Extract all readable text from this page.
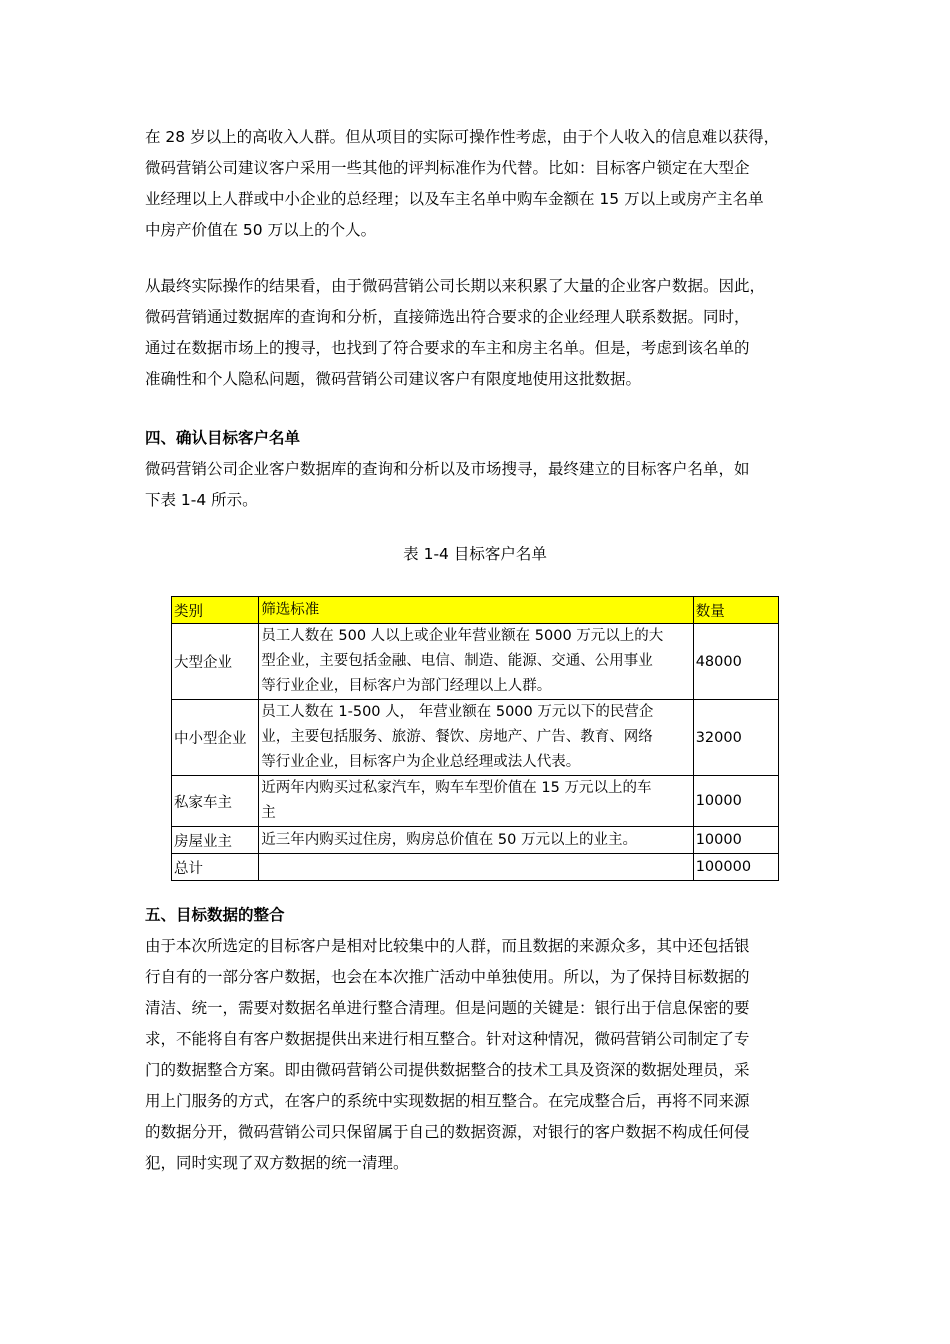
在 28 岁以上的高收入人群。但从项目的实际可操作性考虑，由于个人收入的信息难以获得，
微码营销公司建议客户采用一些其他的评判标准作为代替。比如：目标客户锁定在大型企
业经理以上人群或中小企业的总经理；以及车主名单中购车金额在 15 万以上或房产主名单
中房产价值在 50 万以上的个人。
从最终实际操作的结果看，由于微码营销公司长期以来积累了大量的企业客户数据。因此，
微码营销通过数据库的查询和分析，直接筛选出符合要求的企业经理人联系数据。同时，
通过在数据市场上的搜寻，也找到了符合要求的车主和房主名单。但是，考虑到该名单的
准确性和个人隐私问题，微码营销公司建议客户有限度地使用这批数据。
四、确认目标客户名单
微码营销公司企业客户数据库的查询和分析以及市场搜寻，最终建立的目标客户名单，如
下表 1-4 所示。
表 1-4 目标客户名单
类别	筛选标准	数量
大型企业	员工人数在 500 人以上或企业年营业额在 5000 万元以上的大
型企业，主要包括金融、电信、制造、能源、交通、公用事业
等行业企业，目标客户为部门经理以上人群。	48000
中小型企业	员工人数在 1-500 人， 年营业额在 5000 万元以下的民营企
业，主要包括服务、旅游、餐饮、房地产、广告、教育、网络
等行业企业，目标客户为企业总经理或法人代表。	32000
私家车主	近两年内购买过私家汽车，购车车型价值在 15 万元以上的车
主	10000
房屋业主	近三年内购买过住房，购房总价值在 50 万元以上的业主。	10000
总计		100000
五、目标数据的整合
由于本次所选定的目标客户是相对比较集中的人群，而且数据的来源众多，其中还包括银
行自有的一部分客户数据，也会在本次推广活动中单独使用。所以，为了保持目标数据的
清洁、统一，需要对数据名单进行整合清理。但是问题的关键是：银行出于信息保密的要
求，不能将自有客户数据提供出来进行相互整合。针对这种情况，微码营销公司制定了专
门的数据整合方案。即由微码营销公司提供数据整合的技术工具及资深的数据处理员，采
用上门服务的方式，在客户的系统中实现数据的相互整合。在完成整合后，再将不同来源
的数据分开，微码营销公司只保留属于自己的数据资源，对银行的客户数据不构成任何侵
犯，同时实现了双方数据的统一清理。
